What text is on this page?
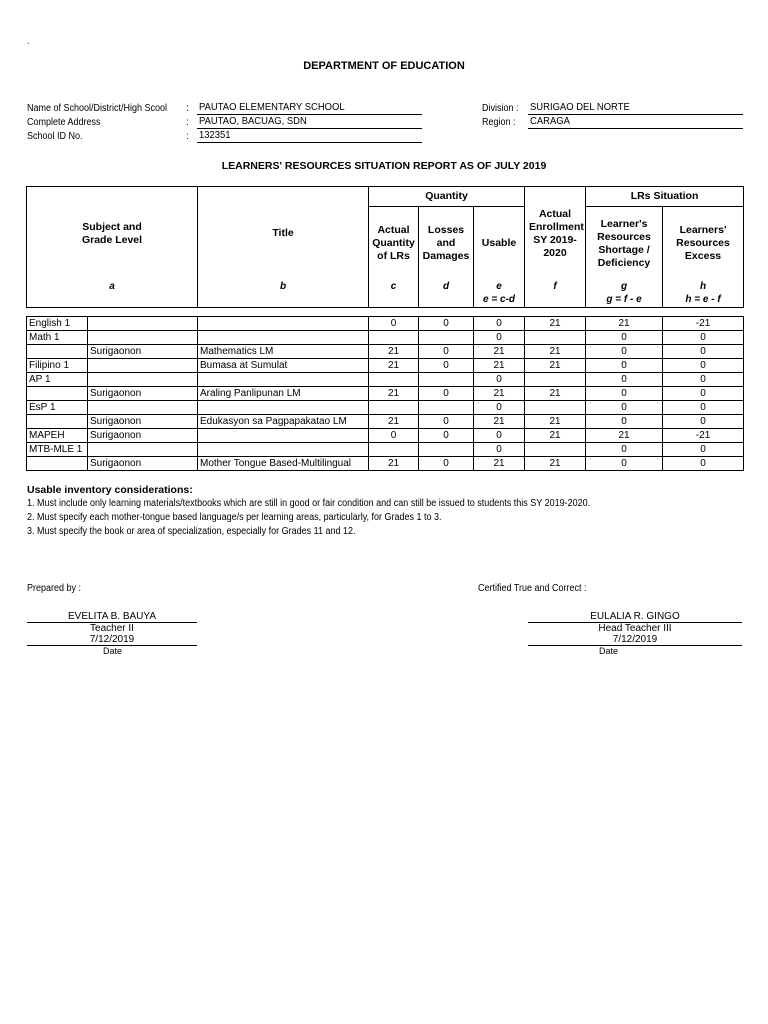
`
DEPARTMENT OF EDUCATION
Name of School/District/High Scool	: PAUTAO ELEMENTARY SCHOOL
Complete Address	: PAUTAO, BACUAG, SDN
School ID No.	: 132351
Division :	SURIGAO DEL NORTE
Region :	CARAGA
LEARNERS' RESOURCES SITUATION REPORT AS OF JULY 2019
Subject and Grade Level		Title	Quantity			Actual Enrollment SY 2019-2020	LRs Situation	
			Actual Quantity of LRs	Losses and Damages	Usable		Learner's Resources Shortage / Deficiency	Learners' Resources Excess

a		b	c	d	e	f	g	h
					e = c-d		g = f - e	h = e - f

English 1			0	0	0	21	21	-21
Math 1					0		0	0
	Surigaonon	Mathematics LM	21	0	21	21	0	0
Filipino 1		Bumasa at Sumulat	21	0	21	21	0	0
AP 1					0		0	0
	Surigaonon	Araling Panlipunan LM	21	0	21	21	0	0
EsP 1					0		0	0
	Surigaonon	Edukasyon sa Pagpapakatao LM	21	0	21	21	0	0
MAPEH	Surigaonon		0	0	0	21	21	-21
MTB-MLE 1					0		0	0
	Surigaonon	Mother Tongue Based-Multilingual	21	0	21	21	0	0
Usable inventory considerations:
1. Must include only learning materials/textbooks which are still in good or fair condition and can still be issued to students this SY 2019-2020.
2. Must specify each mother-tongue based language/s per learning areas, particularly, for Grades 1 to 3.
3. Must specify the book or area of specialization, especially for Grades 11 and 12.
Prepared by :	Certified True and Correct :
EVELITA B. BAUYA
Teacher II
7/12/2019
Date
EULALIA R. GINGO
Head Teacher III
7/12/2019
Date
